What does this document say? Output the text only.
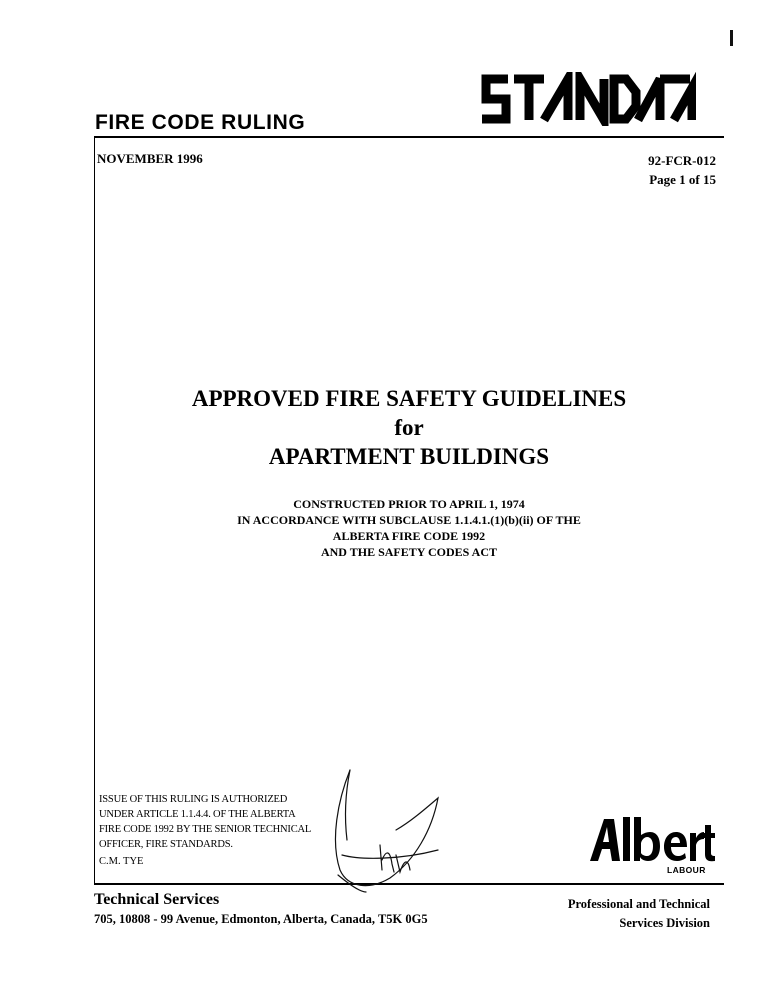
FIRE CODE RULING
NOVEMBER 1996	92-FCR-012
Page 1 of 15
APPROVED FIRE SAFETY GUIDELINES
for
APARTMENT BUILDINGS
CONSTRUCTED PRIOR TO APRIL 1, 1974
IN ACCORDANCE WITH SUBCLAUSE 1.1.4.1.(1)(b)(ii) OF THE
ALBERTA FIRE CODE 1992
AND THE SAFETY CODES ACT
ISSUE OF THIS RULING IS AUTHORIZED
UNDER ARTICLE 1.1.4.4. OF THE ALBERTA
FIRE CODE 1992 BY THE SENIOR TECHNICAL
OFFICER, FIRE STANDARDS.
C.M. TYE
LABOUR
Technical Services
705, 10808 - 99 Avenue, Edmonton, Alberta, Canada, T5K 0G5
Professional and Technical
Services Division
